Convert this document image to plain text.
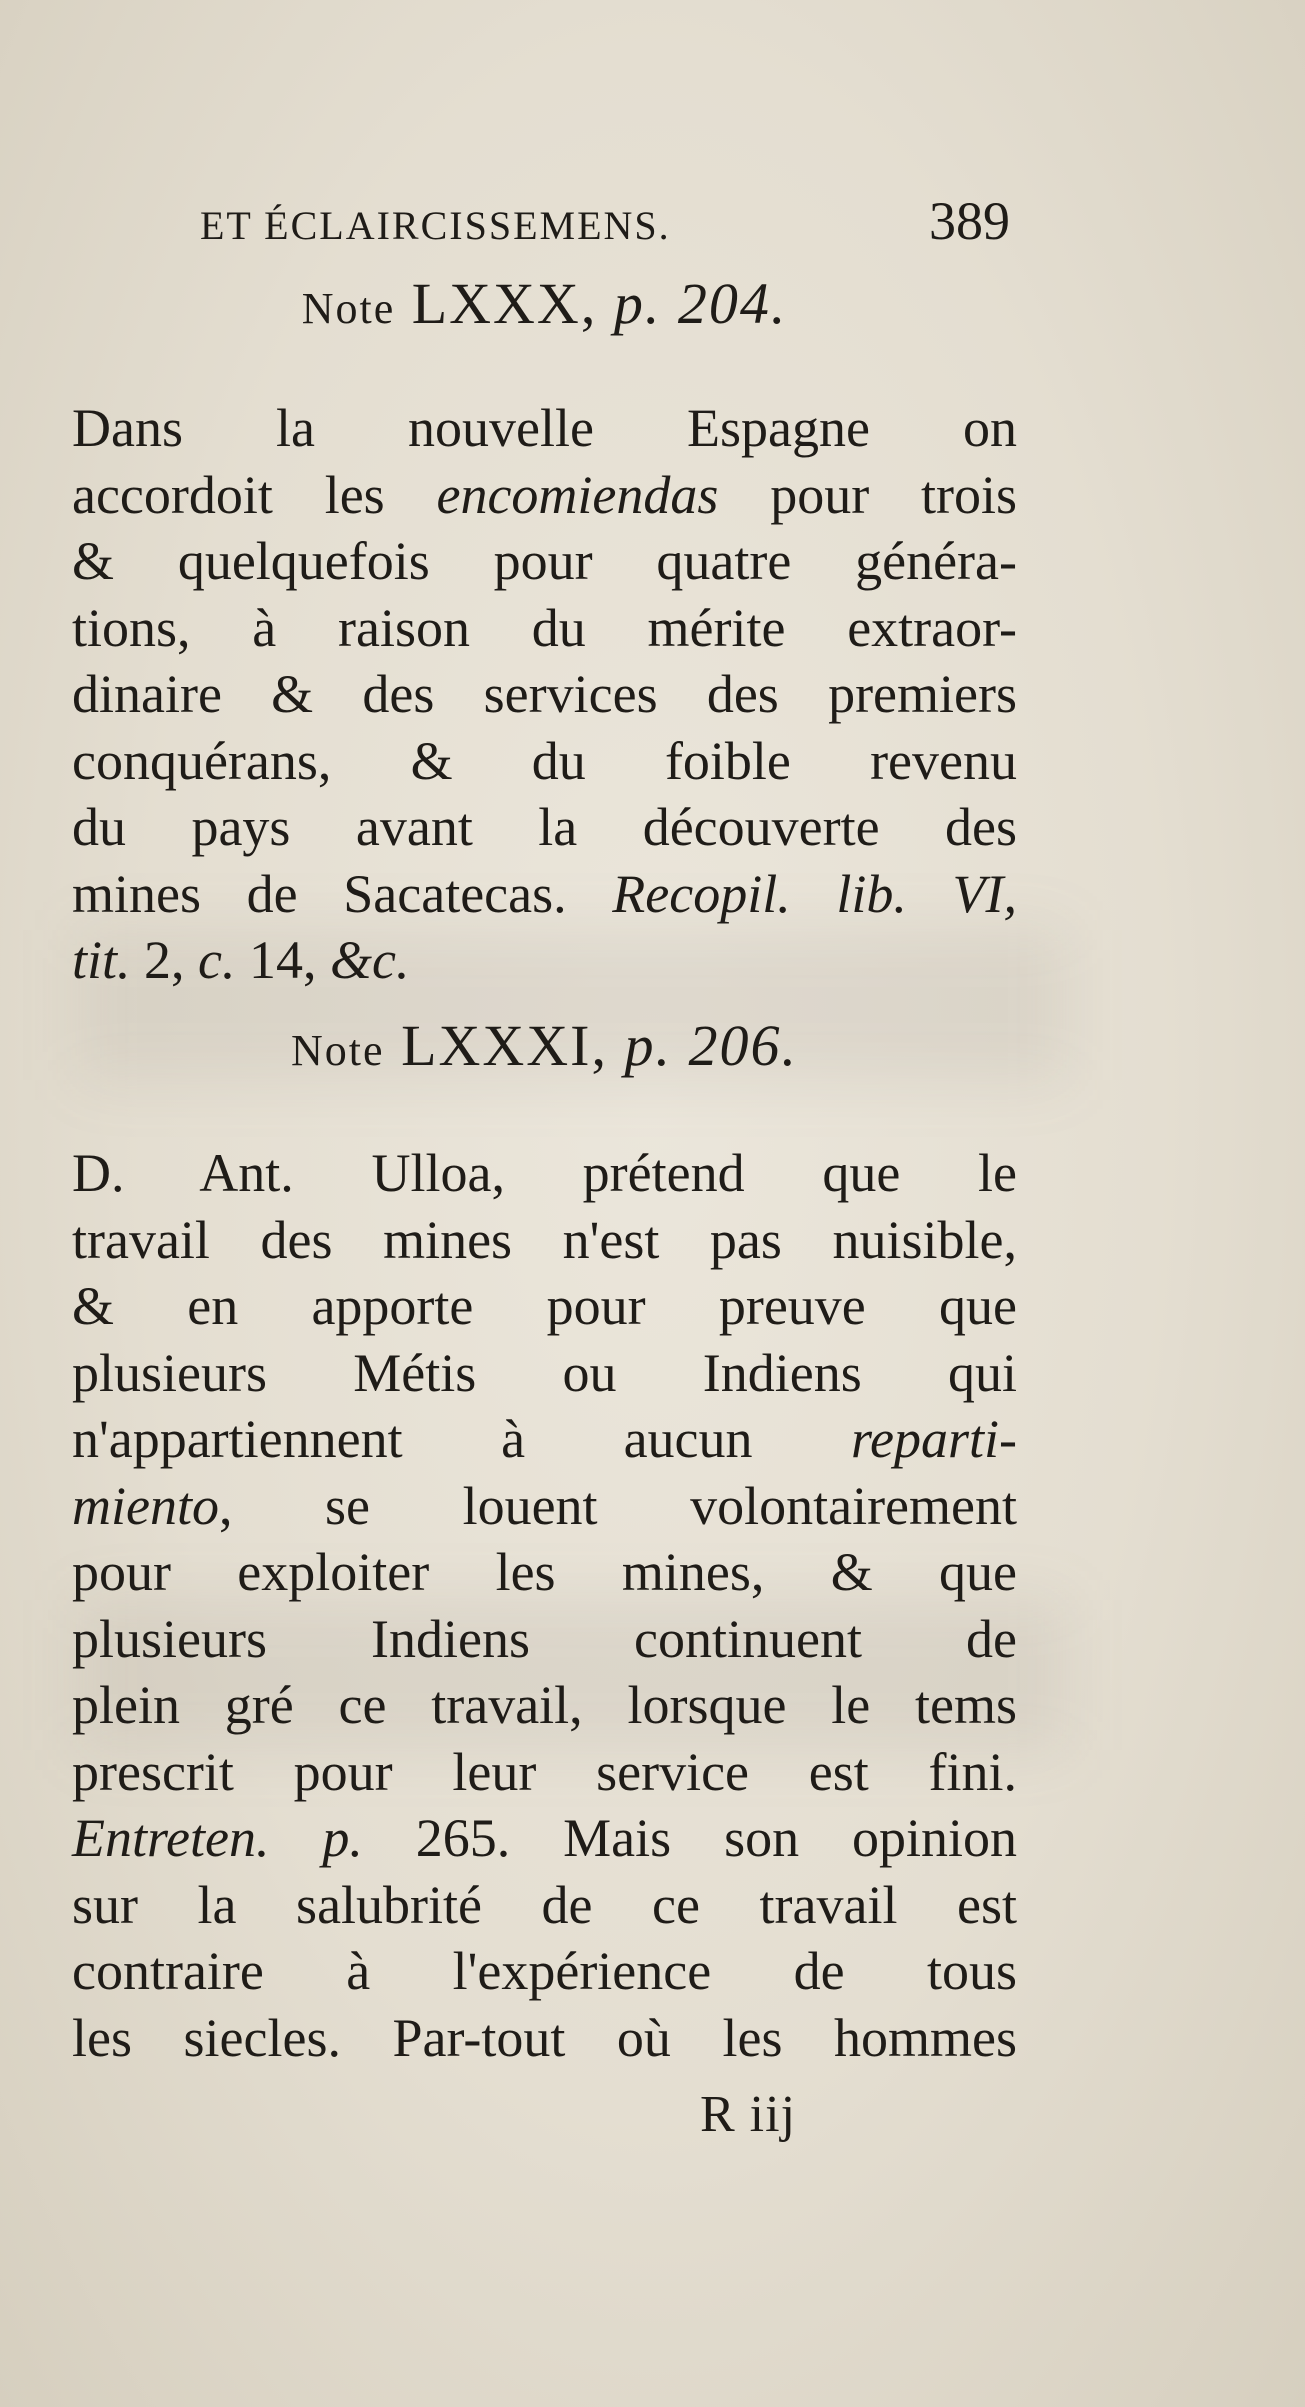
ET ÉCLAIRCISSEMENS.	389
Note LXXX, p. 204.
Dans la nouvelle Espagne on
accordoit les encomiendas pour trois
& quelquefois pour quatre généra-
tions, à raison du mérite extraor-
dinaire & des services des premiers
conquérans, & du foible revenu
du pays avant la découverte des
mines de Sacatecas. Recopil. lib. VI,
tit. 2, c. 14, &c.
Note LXXXI, p. 206.
D. Ant. Ulloa, prétend que le
travail des mines n'est pas nuisible,
& en apporte pour preuve que
plusieurs Métis ou Indiens qui
n'appartiennent à aucun reparti-
miento, se louent volontairement
pour exploiter les mines, & que
plusieurs Indiens continuent de
plein gré ce travail, lorsque le tems
prescrit pour leur service est fini.
Entreten. p. 265. Mais son opinion
sur la salubrité de ce travail est
contraire à l'expérience de tous
les siecles. Par-tout où les hommes
R iij
